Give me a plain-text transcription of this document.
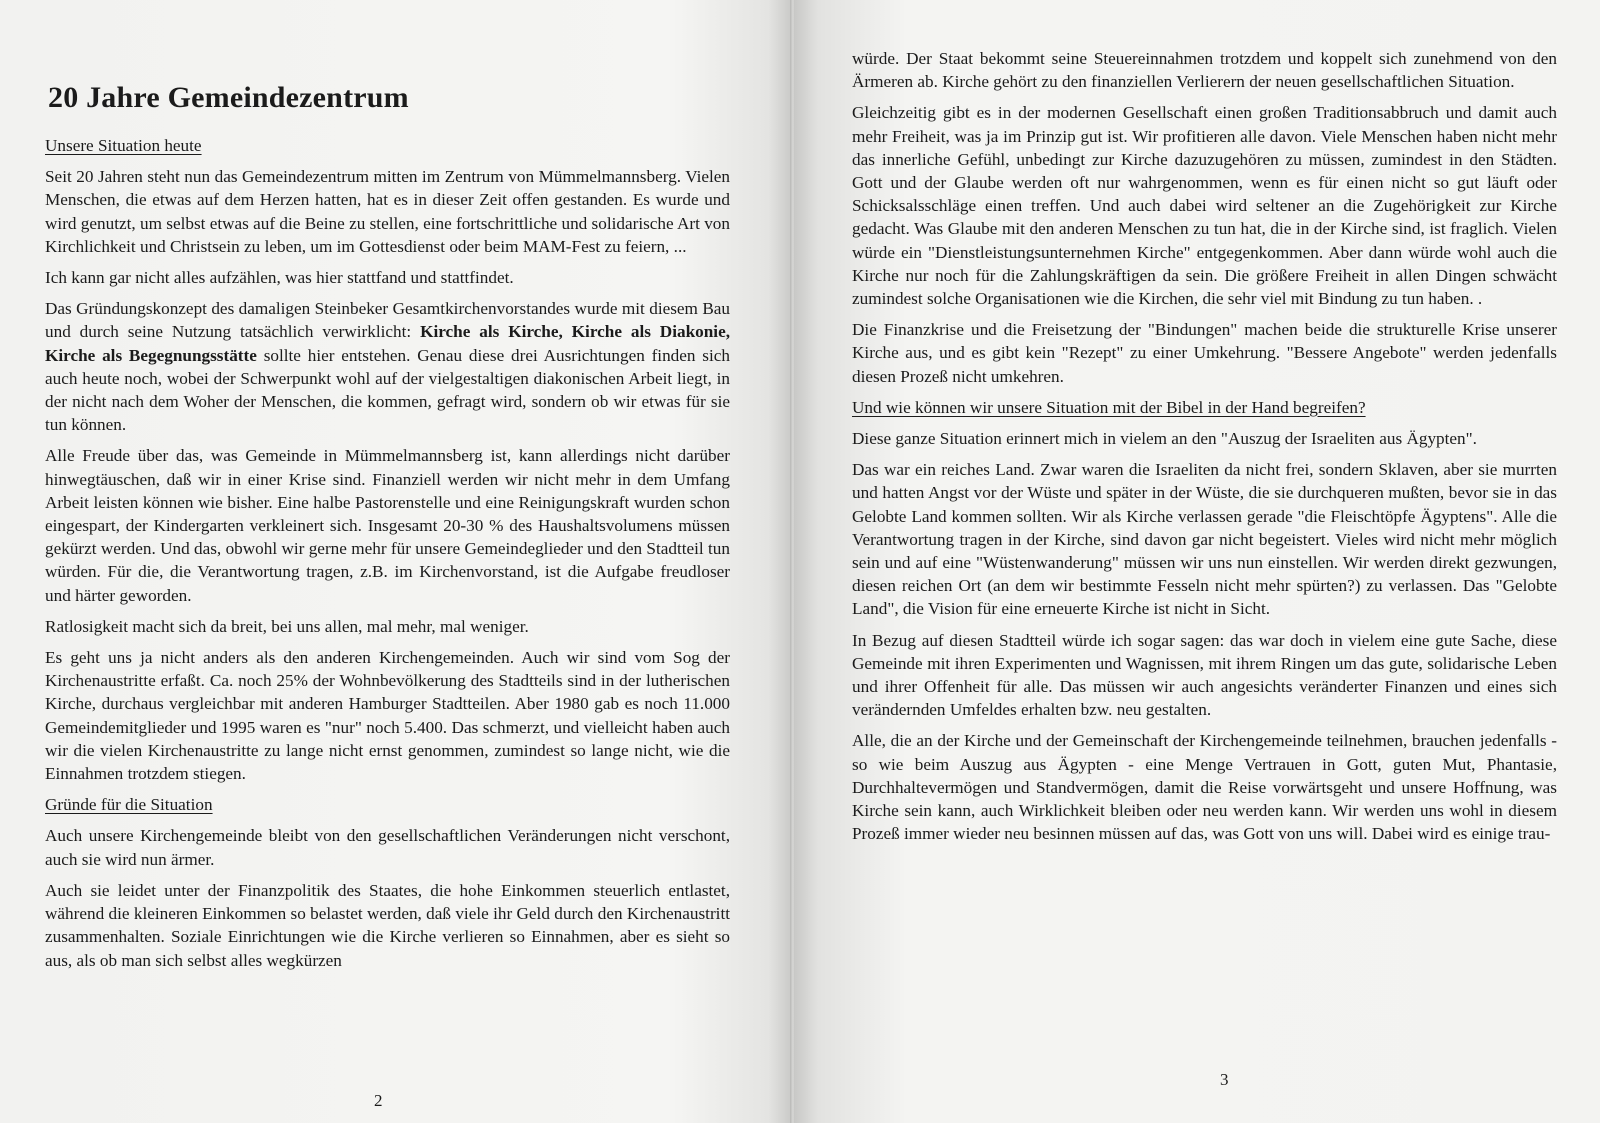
20 Jahre Gemeindezentrum
Unsere Situation heute

Seit 20 Jahren steht nun das Gemeindezentrum mitten im Zentrum von Mümmelmannsberg. Vielen Menschen, die etwas auf dem Herzen hatten, hat es in dieser Zeit offen gestanden. Es wurde und wird genutzt, um selbst etwas auf die Beine zu stellen, eine fortschrittliche und solidarische Art von Kirchlichkeit und Christsein zu leben, um im Gottesdienst oder beim MAM-Fest zu feiern, ...

Ich kann gar nicht alles aufzählen, was hier stattfand und stattfindet.

Das Gründungskonzept des damaligen Steinbeker Gesamtkirchenvorstandes wurde mit diesem Bau und durch seine Nutzung tatsächlich verwirklicht: Kirche als Kirche, Kirche als Diakonie, Kirche als Begegnungsstätte sollte hier entstehen. Genau diese drei Ausrichtungen finden sich auch heute noch, wobei der Schwerpunkt wohl auf der vielgestaltigen diakonischen Arbeit liegt, in der nicht nach dem Woher der Menschen, die kommen, gefragt wird, sondern ob wir etwas für sie tun können.

Alle Freude über das, was Gemeinde in Mümmelmannsberg ist, kann allerdings nicht darüber hinwegtäuschen, daß wir in einer Krise sind. Finanziell werden wir nicht mehr in dem Umfang Arbeit leisten können wie bisher. Eine halbe Pastorenstelle und eine Reinigungskraft wurden schon eingespart, der Kindergarten verkleinert sich. Insgesamt 20-30 % des Haushaltsvolumens müssen gekürzt werden. Und das, obwohl wir gerne mehr für unsere Gemeindeglieder und den Stadtteil tun würden. Für die, die Verantwortung tragen, z.B. im Kirchenvorstand, ist die Aufgabe freudloser und härter geworden.

Ratlosigkeit macht sich da breit, bei uns allen, mal mehr, mal weniger.

Es geht uns ja nicht anders als den anderen Kirchengemeinden. Auch wir sind vom Sog der Kirchenaustritte erfaßt. Ca. noch 25% der Wohnbevölkerung des Stadtteils sind in der lutherischen Kirche, durchaus vergleichbar mit anderen Hamburger Stadtteilen. Aber 1980 gab es noch 11.000 Gemeindemitglieder und 1995 waren es "nur" noch 5.400. Das schmerzt, und vielleicht haben auch wir die vielen Kirchenaustritte zu lange nicht ernst genommen, zumindest so lange nicht, wie die Einnahmen trotzdem stiegen.

Gründe für die Situation

Auch unsere Kirchengemeinde bleibt von den gesellschaftlichen Veränderungen nicht verschont, auch sie wird nun ärmer.

Auch sie leidet unter der Finanzpolitik des Staates, die hohe Einkommen steuerlich entlastet, während die kleineren Einkommen so belastet werden, daß viele ihr Geld durch den Kirchenaustritt zusammenhalten. Soziale Einrichtungen wie die Kirche verlieren so Einnahmen, aber es sieht so aus, als ob man sich selbst alles wegkürzen

2

würde. Der Staat bekommt seine Steuereinnahmen trotzdem und koppelt sich zunehmend von den Ärmeren ab. Kirche gehört zu den finanziellen Verlierern der neuen gesellschaftlichen Situation.

Gleichzeitig gibt es in der modernen Gesellschaft einen großen Traditionsabbruch und damit auch mehr Freiheit, was ja im Prinzip gut ist. Wir profitieren alle davon. Viele Menschen haben nicht mehr das innerliche Gefühl, unbedingt zur Kirche dazuzugehören zu müssen, zumindest in den Städten. Gott und der Glaube werden oft nur wahrgenommen, wenn es für einen nicht so gut läuft oder Schicksalsschläge einen treffen. Und auch dabei wird seltener an die Zugehörigkeit zur Kirche gedacht. Was Glaube mit den anderen Menschen zu tun hat, die in der Kirche sind, ist fraglich. Vielen würde ein "Dienstleistungsunternehmen Kirche" entgegenkommen. Aber dann würde wohl auch die Kirche nur noch für die Zahlungskräftigen da sein. Die größere Freiheit in allen Dingen schwächt zumindest solche Organisationen wie die Kirchen, die sehr viel mit Bindung zu tun haben. .

Die Finanzkrise und die Freisetzung der "Bindungen" machen beide die strukturelle Krise unserer Kirche aus, und es gibt kein "Rezept" zu einer Umkehrung. "Bessere Angebote" werden jedenfalls diesen Prozeß nicht umkehren.

Und wie können wir unsere Situation mit der Bibel in der Hand begreifen?

Diese ganze Situation erinnert mich in vielem an den "Auszug der Israeliten aus Ägypten".

Das war ein reiches Land. Zwar waren die Israeliten da nicht frei, sondern Sklaven, aber sie murrten und hatten Angst vor der Wüste und später in der Wüste, die sie durchqueren mußten, bevor sie in das Gelobte Land kommen sollten. Wir als Kirche verlassen gerade "die Fleischtöpfe Ägyptens". Alle die Verantwortung tragen in der Kirche, sind davon gar nicht begeistert. Vieles wird nicht mehr möglich sein und auf eine "Wüstenwanderung" müssen wir uns nun einstellen. Wir werden direkt gezwungen, diesen reichen Ort (an dem wir bestimmte Fesseln nicht mehr spürten?) zu verlassen. Das "Gelobte Land", die Vision für eine erneuerte Kirche ist nicht in Sicht.

In Bezug auf diesen Stadtteil würde ich sogar sagen: das war doch in vielem eine gute Sache, diese Gemeinde mit ihren Experimenten und Wagnissen, mit ihrem Ringen um das gute, solidarische Leben und ihrer Offenheit für alle. Das müssen wir auch angesichts veränderter Finanzen und eines sich verändernden Umfeldes erhalten bzw. neu gestalten.

Alle, die an der Kirche und der Gemeinschaft der Kirchengemeinde teilnehmen, brauchen jedenfalls - so wie beim Auszug aus Ägypten - eine Menge Vertrauen in Gott, guten Mut, Phantasie, Durchhaltevermögen und Standvermögen, damit die Reise vorwärtsgeht und unsere Hoffnung, was Kirche sein kann, auch Wirklichkeit bleiben oder neu werden kann. Wir werden uns wohl in diesem Prozeß immer wieder neu besinnen müssen auf das, was Gott von uns will. Dabei wird es einige trau-

3
